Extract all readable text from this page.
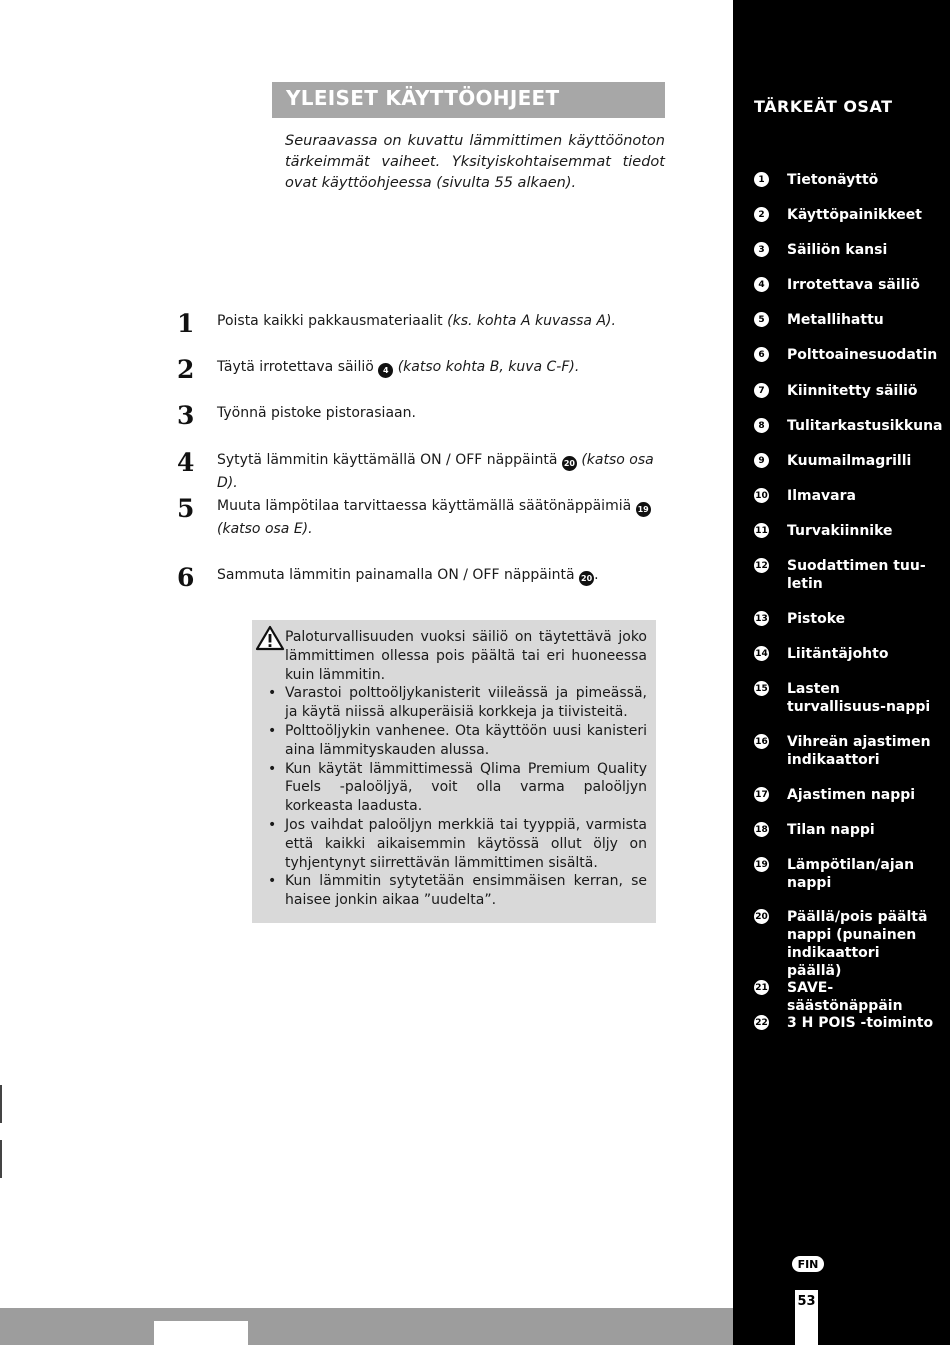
YLEISET KÄYTTÖOHJEET
Seuraavassa on kuvattu lämmittimen käyttöönoton tärkeimmät vaiheet. Yksityiskohtaisemmat tiedot ovat käyttöohjeessa (sivulta 55 alkaen).
1 Poista kaikki pakkausmateriaalit (ks. kohta A kuvassa A).
2 Täytä irrotettava säiliö 4 (katso kohta B, kuva C-F).
3 Työnnä pistoke pistorasiaan.
4 Sytytä lämmitin käyttämällä ON / OFF näppäintä 20 (katso osa D).
5 Muuta lämpötilaa tarvittaessa käyttämällä säätönäppäimiä 19 (katso osa E).
6 Sammuta lämmitin painamalla ON / OFF näppäintä 20 .
Paloturvallisuuden vuoksi säiliö on täytettävä joko lämmittimen ollessa pois päältä tai eri huoneessa kuin lämmitin.
• Varastoi polttoöljykanisterit viileässä ja pimeässä, ja käytä niissä alkuperäisiä korkkeja ja tiivisteitä.
• Polttoöljykin vanhenee. Ota käyttöön uusi kanisteri aina lämmityskauden alussa.
• Kun käytät lämmittimessä Qlima Premium Quality Fuels -paloöljyä, voit olla varma paloöljyn korkeasta laadusta.
• Jos vaihdat paloöljyn merkkiä tai tyyppiä, varmista että kaikki aikaisemmin käytössä ollut öljy on tyhjentynyt siirrettävän lämmittimen sisältä.
• Kun lämmitin sytytetään ensimmäisen kerran, se haisee jonkin aikaa ”uudelta”.
TÄRKEÄT OSAT
1	Tietonäyttö
2	Käyttöpainikkeet
3	Säiliön kansi
4	Irrotettava säiliö
5	Metallihattu
6	Polttoainesuodatin
7	Kiinnitetty säiliö
8	Tulitarkastusikkuna
9	Kuumailmagrilli
10 Ilmavara
11 Turvakiinnike
12 Suodattimen tuu-letin
13 Pistoke
14 Liitäntäjohto
15 Lasten turvallisuus-nappi
16 Vihreän ajastimen indikaattori
17 Ajastimen nappi
18 Tilan nappi
19 Lämpötilan/ajan nappi
20 Päällä/pois päältä nappi (punainen indikaattori päällä)
21 SAVE-säästönäppäin
22 3 H POIS -toiminto
FIN
53
